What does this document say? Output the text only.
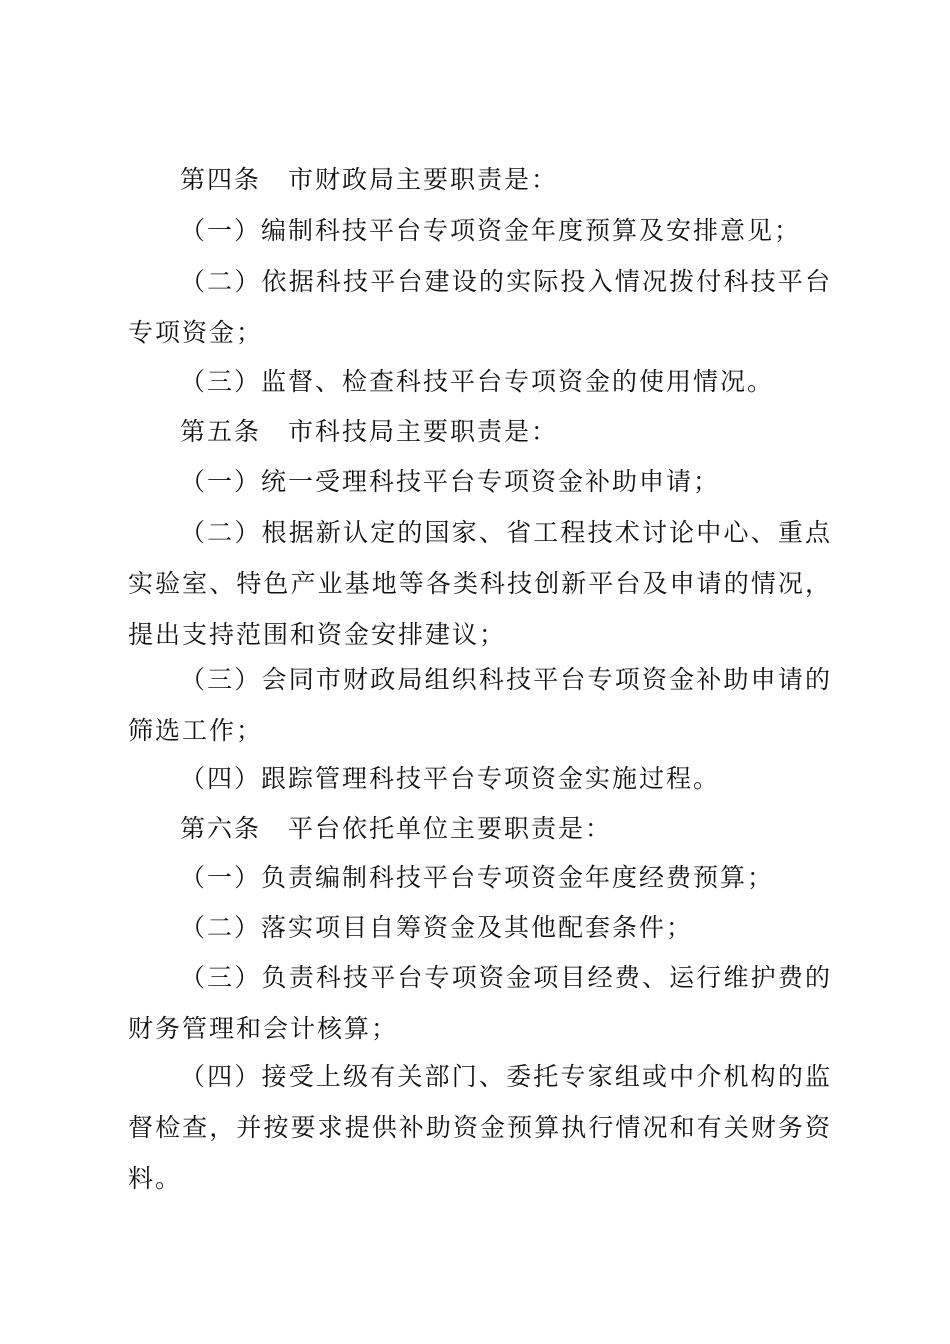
第四条　市财政局主要职责是：

（一）编制科技平台专项资金年度预算及安排意见；

（二）依据科技平台建设的实际投入情况拨付科技平台专项资金；

（三）监督、检查科技平台专项资金的使用情况。

第五条　市科技局主要职责是：

（一）统一受理科技平台专项资金补助申请；

（二）根据新认定的国家、省工程技术讨论中心、重点实验室、特色产业基地等各类科技创新平台及申请的情况，提出支持范围和资金安排建议；

（三）会同市财政局组织科技平台专项资金补助申请的筛选工作；

（四）跟踪管理科技平台专项资金实施过程。

第六条　平台依托单位主要职责是：

（一）负责编制科技平台专项资金年度经费预算；

（二）落实项目自筹资金及其他配套条件；

（三）负责科技平台专项资金项目经费、运行维护费的财务管理和会计核算；

（四）接受上级有关部门、委托专家组或中介机构的监督检查，并按要求提供补助资金预算执行情况和有关财务资料。
